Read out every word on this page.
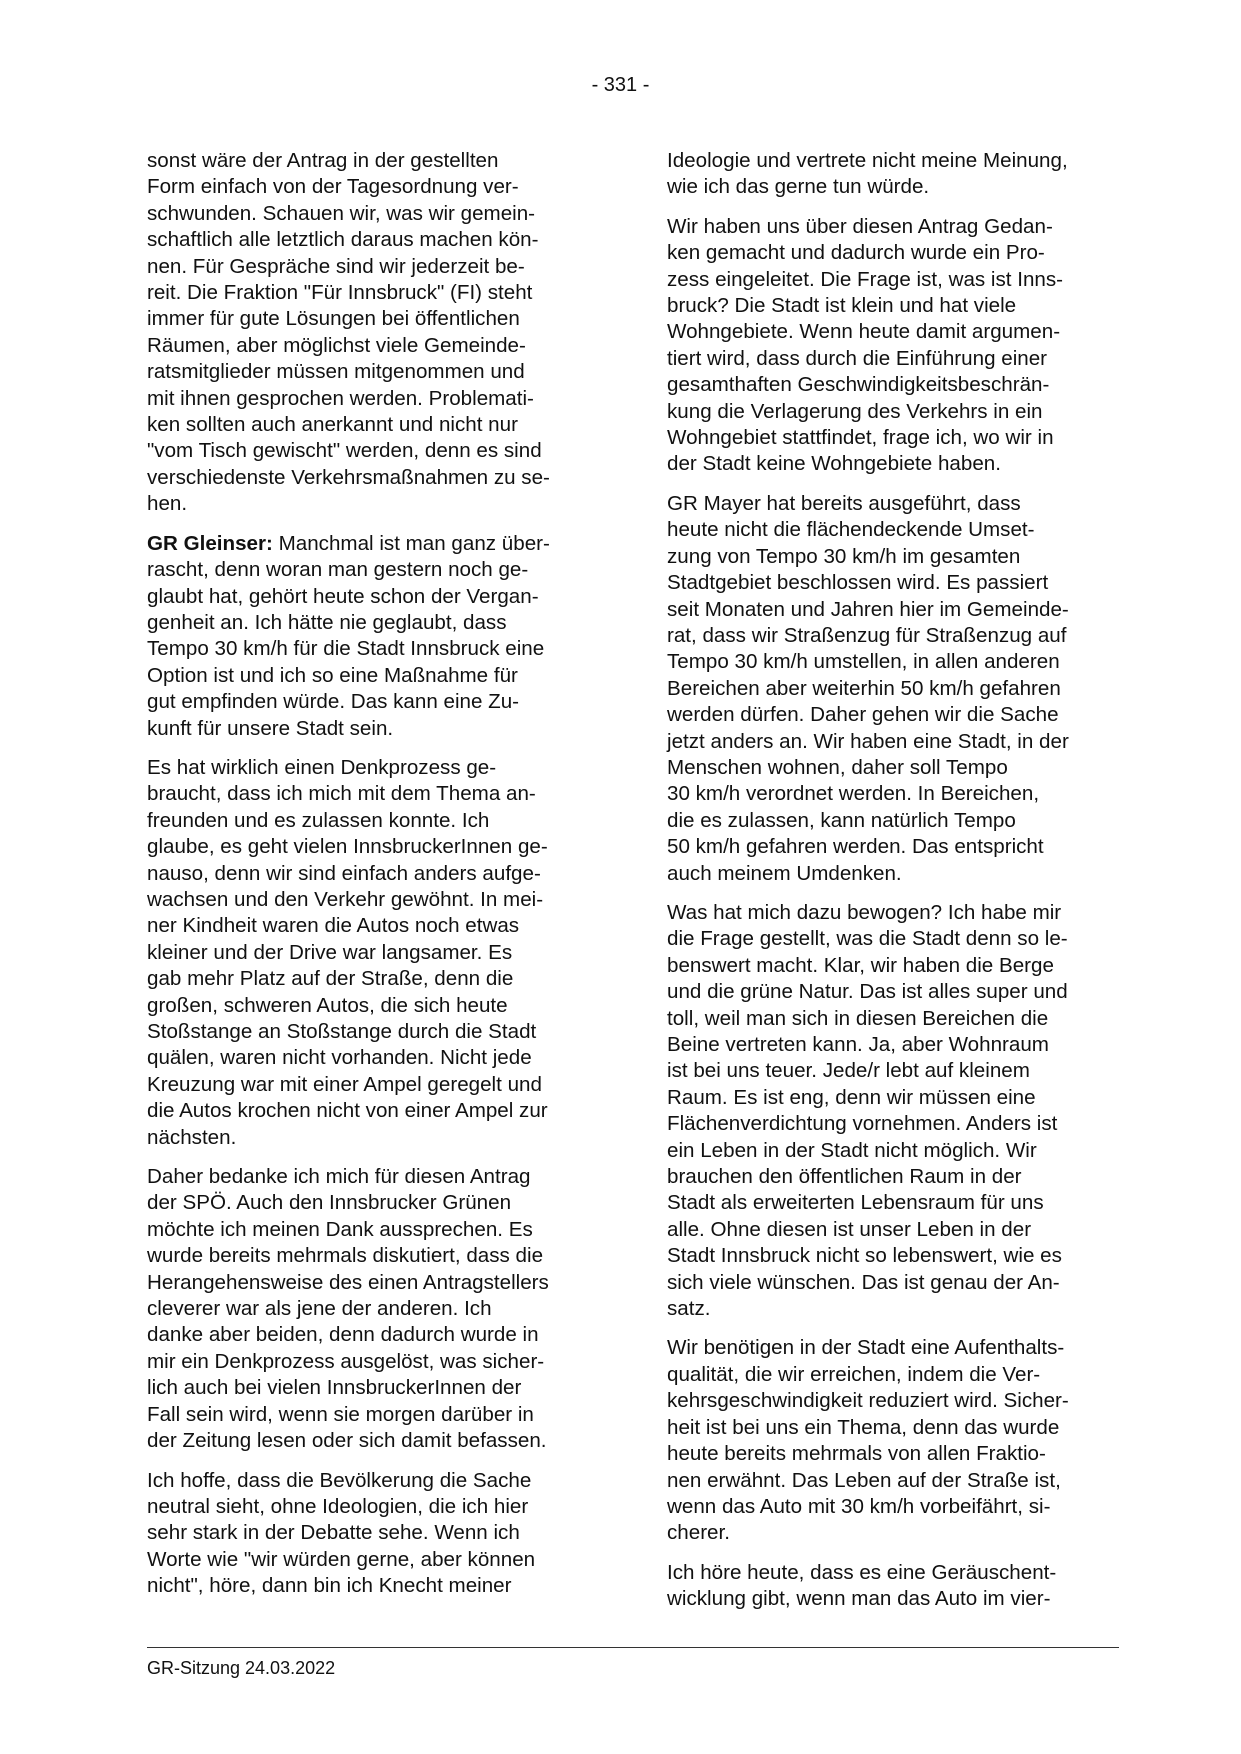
- 331 -

sonst wäre der Antrag in der gestellten
Form einfach von der Tagesordnung ver-
schwunden. Schauen wir, was wir gemein-
schaftlich alle letztlich daraus machen kön-
nen. Für Gespräche sind wir jederzeit be-
reit. Die Fraktion "Für Innsbruck" (FI) steht
immer für gute Lösungen bei öffentlichen
Räumen, aber möglichst viele Gemeinde-
ratsmitglieder müssen mitgenommen und
mit ihnen gesprochen werden. Problemati-
ken sollten auch anerkannt und nicht nur
"vom Tisch gewischt" werden, denn es sind
verschiedenste Verkehrsmaßnahmen zu se-
hen.

GR Gleinser: Manchmal ist man ganz über-
rascht, denn woran man gestern noch ge-
glaubt hat, gehört heute schon der Vergan-
genheit an. Ich hätte nie geglaubt, dass
Tempo 30 km/h für die Stadt Innsbruck eine
Option ist und ich so eine Maßnahme für
gut empfinden würde. Das kann eine Zu-
kunft für unsere Stadt sein.

Es hat wirklich einen Denkprozess ge-
braucht, dass ich mich mit dem Thema an-
freunden und es zulassen konnte. Ich
glaube, es geht vielen InnsbruckerInnen ge-
nauso, denn wir sind einfach anders aufge-
wachsen und den Verkehr gewöhnt. In mei-
ner Kindheit waren die Autos noch etwas
kleiner und der Drive war langsamer. Es
gab mehr Platz auf der Straße, denn die
großen, schweren Autos, die sich heute
Stoßstange an Stoßstange durch die Stadt
quälen, waren nicht vorhanden. Nicht jede
Kreuzung war mit einer Ampel geregelt und
die Autos krochen nicht von einer Ampel zur
nächsten.

Daher bedanke ich mich für diesen Antrag
der SPÖ. Auch den Innsbrucker Grünen
möchte ich meinen Dank aussprechen. Es
wurde bereits mehrmals diskutiert, dass die
Herangehensweise des einen Antragstellers
cleverer war als jene der anderen. Ich
danke aber beiden, denn dadurch wurde in
mir ein Denkprozess ausgelöst, was sicher-
lich auch bei vielen InnsbruckerInnen der
Fall sein wird, wenn sie morgen darüber in
der Zeitung lesen oder sich damit befassen.

Ich hoffe, dass die Bevölkerung die Sache
neutral sieht, ohne Ideologien, die ich hier
sehr stark in der Debatte sehe. Wenn ich
Worte wie "wir würden gerne, aber können
nicht", höre, dann bin ich Knecht meiner

Ideologie und vertrete nicht meine Meinung,
wie ich das gerne tun würde.

Wir haben uns über diesen Antrag Gedan-
ken gemacht und dadurch wurde ein Pro-
zess eingeleitet. Die Frage ist, was ist Inns-
bruck? Die Stadt ist klein und hat viele
Wohngebiete. Wenn heute damit argumen-
tiert wird, dass durch die Einführung einer
gesamthaften Geschwindigkeitsbeschrän-
kung die Verlagerung des Verkehrs in ein
Wohngebiet stattfindet, frage ich, wo wir in
der Stadt keine Wohngebiete haben.

GR Mayer hat bereits ausgeführt, dass
heute nicht die flächendeckende Umset-
zung von Tempo 30 km/h im gesamten
Stadtgebiet beschlossen wird. Es passiert
seit Monaten und Jahren hier im Gemeinde-
rat, dass wir Straßenzug für Straßenzug auf
Tempo 30 km/h umstellen, in allen anderen
Bereichen aber weiterhin 50 km/h gefahren
werden dürfen. Daher gehen wir die Sache
jetzt anders an. Wir haben eine Stadt, in der
Menschen wohnen, daher soll Tempo
30 km/h verordnet werden. In Bereichen,
die es zulassen, kann natürlich Tempo
50 km/h gefahren werden. Das entspricht
auch meinem Umdenken.

Was hat mich dazu bewogen? Ich habe mir
die Frage gestellt, was die Stadt denn so le-
benswert macht. Klar, wir haben die Berge
und die grüne Natur. Das ist alles super und
toll, weil man sich in diesen Bereichen die
Beine vertreten kann. Ja, aber Wohnraum
ist bei uns teuer. Jede/r lebt auf kleinem
Raum. Es ist eng, denn wir müssen eine
Flächenverdichtung vornehmen. Anders ist
ein Leben in der Stadt nicht möglich. Wir
brauchen den öffentlichen Raum in der
Stadt als erweiterten Lebensraum für uns
alle. Ohne diesen ist unser Leben in der
Stadt Innsbruck nicht so lebenswert, wie es
sich viele wünschen. Das ist genau der An-
satz.

Wir benötigen in der Stadt eine Aufenthalts-
qualität, die wir erreichen, indem die Ver-
kehrsgeschwindigkeit reduziert wird. Sicher-
heit ist bei uns ein Thema, denn das wurde
heute bereits mehrmals von allen Fraktio-
nen erwähnt. Das Leben auf der Straße ist,
wenn das Auto mit 30 km/h vorbeifährt, si-
cherer.

Ich höre heute, dass es eine Geräuschent-
wicklung gibt, wenn man das Auto im vier-

GR-Sitzung 24.03.2022
